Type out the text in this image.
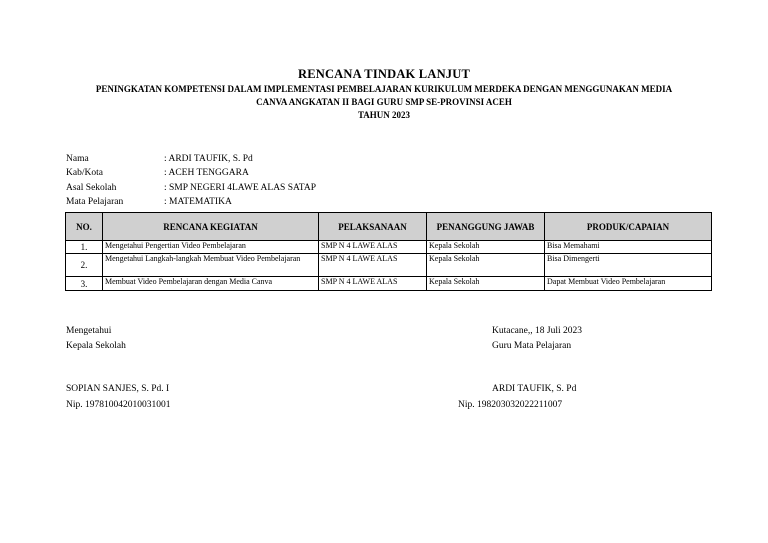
RENCANA TINDAK LANJUT
PENINGKATAN KOMPETENSI DALAM IMPLEMENTASI PEMBELAJARAN KURIKULUM MERDEKA DENGAN MENGGUNAKAN MEDIA
CANVA ANGKATAN II BAGI GURU SMP SE-PROVINSI ACEH
TAHUN 2023
Nama	: ARDI TAUFIK, S. Pd
Kab/Kota	: ACEH TENGGARA
Asal Sekolah	: SMP NEGERI 4LAWE ALAS SATAP
Mata Pelajaran	: MATEMATIKA
NO.	RENCANA KEGIATAN	PELAKSANAAN	PENANGGUNG JAWAB	PRODUK/CAPAIAN
1.	Mengetahui Pengertian Video Pembelajaran	SMP N 4 LAWE ALAS	Kepala Sekolah	Bisa Memahami
2.	Mengetahui Langkah-langkah Membuat Video Pembelajaran	SMP N 4 LAWE ALAS	Kepala Sekolah	Bisa Dimengerti
3.	Membuat Video Pembelajaran dengan Media Canva	SMP N 4 LAWE ALAS	Kepala Sekolah	Dapat Membuat Video Pembelajaran
Mengetahui
Kepala Sekolah
SOPIAN SANJES, S. Pd. I
Nip. 197810042010031001
Kutacane,, 18 Juli 2023
Guru Mata Pelajaran
ARDI TAUFIK, S. Pd
Nip. 198203032022211007
